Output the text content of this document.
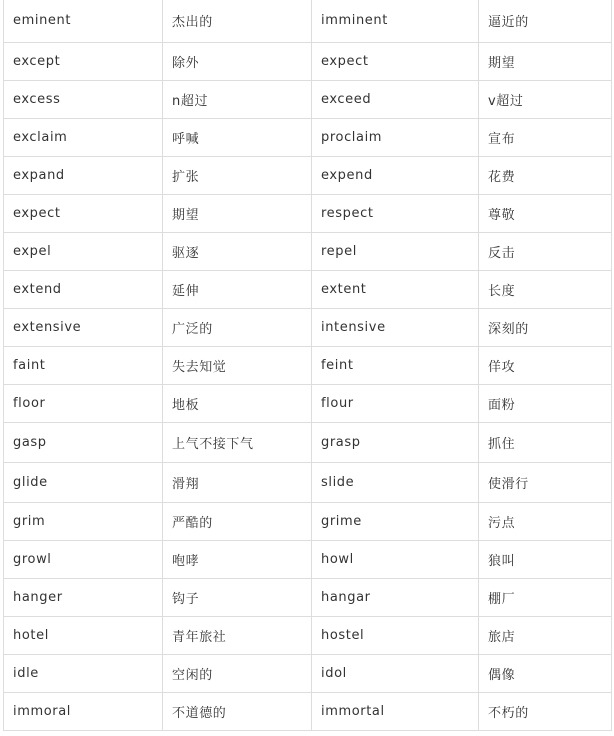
eminent	杰出的	imminent	逼近的
except	除外	expect	期望
excess	n超过	exceed	v超过
exclaim	呼喊	proclaim	宣布
expand	扩张	expend	花费
expect	期望	respect	尊敬
expel	驱逐	repel	反击
extend	延伸	extent	长度
extensive	广泛的	intensive	深刻的
faint	失去知觉	feint	佯攻
floor	地板	flour	面粉
gasp	上气不接下气	grasp	抓住
glide	滑翔	slide	使滑行
grim	严酷的	grime	污点
growl	咆哮	howl	狼叫
hanger	钩子	hangar	棚厂
hotel	青年旅社	hostel	旅店
idle	空闲的	idol	偶像
immoral	不道德的	immortal	不朽的
